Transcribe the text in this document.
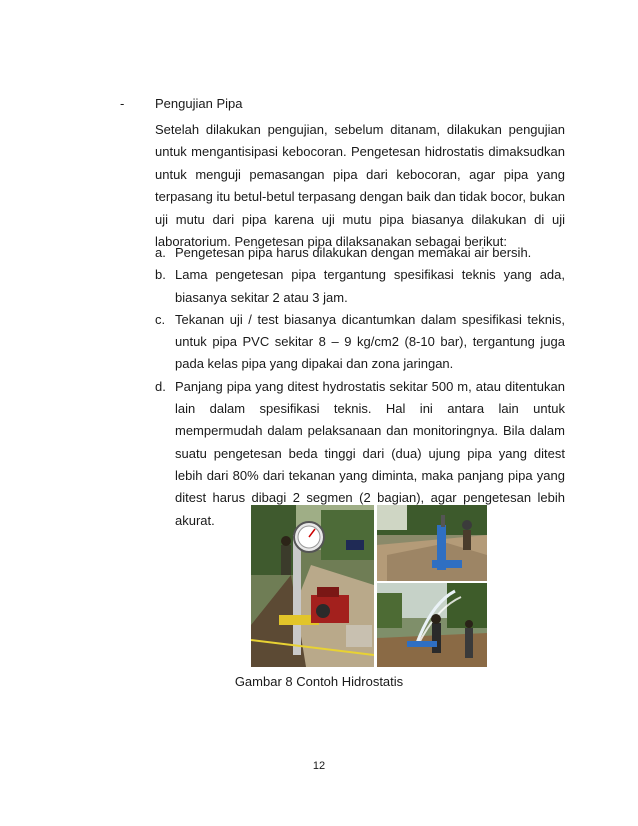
- Pengujian Pipa

Setelah dilakukan pengujian, sebelum ditanam, dilakukan pengujian untuk mengantisipasi kebocoran. Pengetesan hidrostatis dimaksudkan untuk menguji pemasangan pipa dari kebocoran, agar pipa yang terpasang itu betul-betul terpasang dengan baik dan tidak bocor, bukan uji mutu dari pipa karena uji mutu pipa biasanya dilakukan di uji laboratorium. Pengetesan pipa dilaksanakan sebagai berikut:

a. Pengetesan pipa harus dilakukan dengan memakai air bersih.
b. Lama pengetesan pipa tergantung spesifikasi teknis yang ada, biasanya sekitar 2 atau 3 jam.
c. Tekanan uji / test biasanya dicantumkan dalam spesifikasi teknis, untuk pipa PVC sekitar 8 – 9 kg/cm2 (8-10 bar), tergantung juga pada kelas pipa yang dipakai dan zona jaringan.
d. Panjang pipa yang ditest hydrostatis sekitar 500 m, atau ditentukan lain dalam spesifikasi teknis. Hal ini antara lain untuk mempermudah dalam pelaksanaan dan monitoringnya. Bila dalam suatu pengetesan beda tinggi dari (dua) ujung pipa yang ditest lebih dari 80% dari tekanan yang diminta, maka panjang pipa yang ditest harus dibagi 2 segmen (2 bagian), agar pengetesan lebih akurat.
Gambar 8 Contoh Hidrostatis
12
